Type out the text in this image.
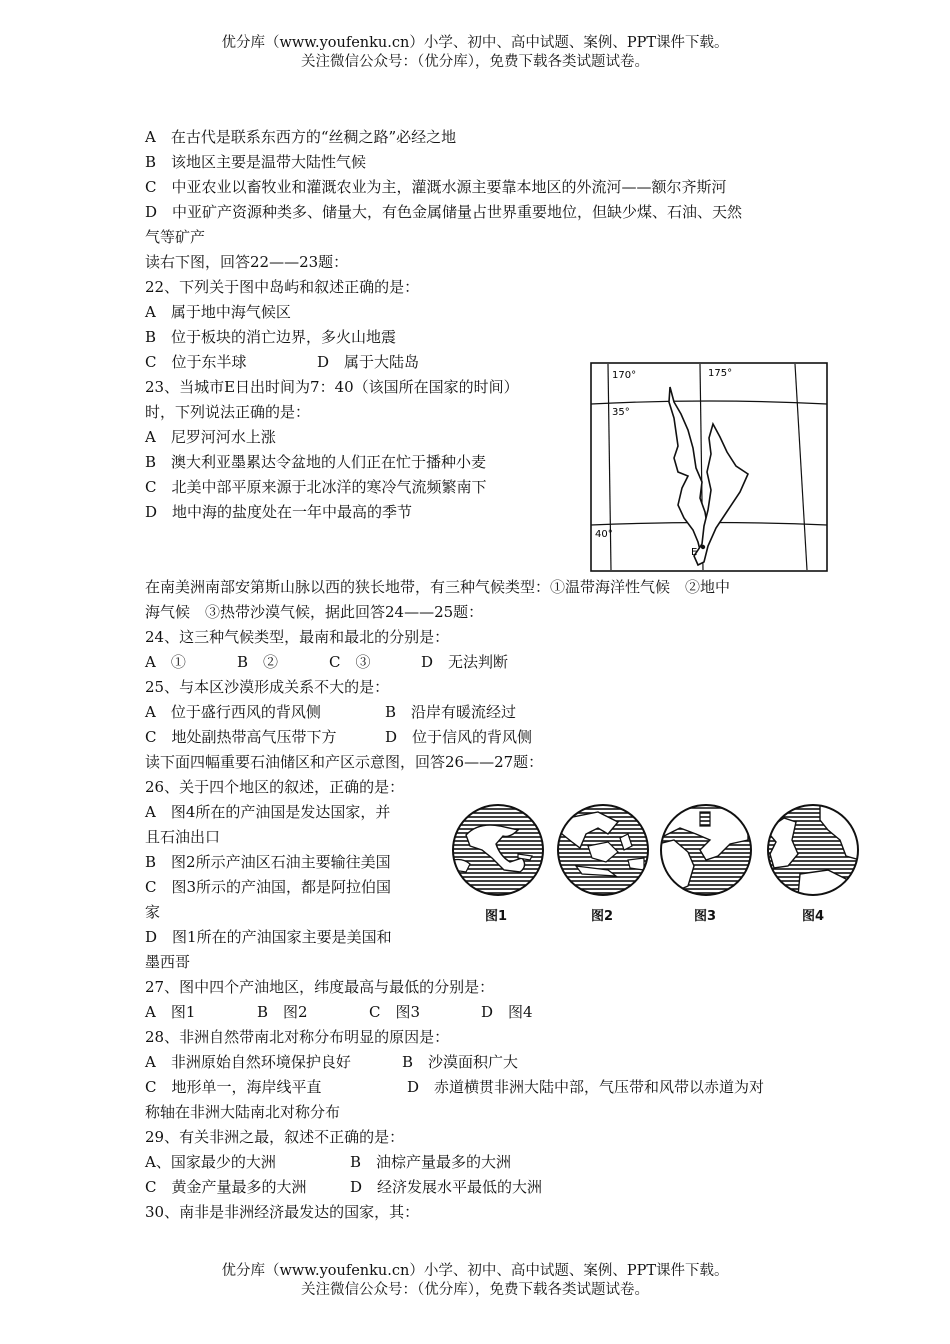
优分库（www.youfenku.cn）小学、初中、高中试题、案例、PPT课件下载。
关注微信公众号：（优分库），免费下载各类试题试卷。
A　在古代是联系东西方的“丝稠之路”必经之地
B　该地区主要是温带大陆性气候
C　中亚农业以畜牧业和灌溉农业为主，灌溉水源主要靠本地区的外流河——额尔齐斯河
D　中亚矿产资源种类多、储量大，有色金属储量占世界重要地位，但缺少煤、石油、天然
气等矿产
读右下图，回答22——23题：
22、下列关于图中岛屿和叙述正确的是：
A　属于地中海气候区
B　位于板块的消亡边界，多火山地震
C　位于东半球	D　属于大陆岛
23、当城市E日出时间为7：40（该国所在国家的时间）
时，下列说法正确的是：
A　尼罗河河水上涨
B　澳大利亚墨累达令盆地的人们正在忙于播种小麦
C　北美中部平原来源于北冰洋的寒冷气流频繁南下
D　地中海的盐度处在一年中最高的季节
170°	175°
35°
40°
E
在南美洲南部安第斯山脉以西的狭长地带，有三种气候类型：①温带海洋性气候　②地中
海气候　③热带沙漠气候，据此回答24——25题：
24、这三种气候类型，最南和最北的分别是：
A　①	B　②	C　③	D　无法判断
25、与本区沙漠形成关系不大的是：
A　位于盛行西风的背风侧	B　沿岸有暖流经过
C　地处副热带高气压带下方	D　位于信风的背风侧
读下面四幅重要石油储区和产区示意图，回答26——27题：
26、关于四个地区的叙述，正确的是：
A　图4所在的产油国是发达国家，并
且石油出口
B　图2所示产油区石油主要输往美国
C　图3所示的产油国，都是阿拉伯国
家
D　图1所在的产油国家主要是美国和
墨西哥
图1	图2	图3	图4
27、图中四个产油地区，纬度最高与最低的分别是：
A　图1	B　图2	C　图3	D　图4
28、非洲自然带南北对称分布明显的原因是：
A　非洲原始自然环境保护良好	B　沙漠面积广大
C　地形单一，海岸线平直	D　赤道横贯非洲大陆中部，气压带和风带以赤道为对
称轴在非洲大陆南北对称分布
29、有关非洲之最，叙述不正确的是：
A、国家最少的大洲	B　油棕产量最多的大洲
C　黄金产量最多的大洲	D　经济发展水平最低的大洲
30、南非是非洲经济最发达的国家，其：
优分库（www.youfenku.cn）小学、初中、高中试题、案例、PPT课件下载。
关注微信公众号：（优分库），免费下载各类试题试卷。
